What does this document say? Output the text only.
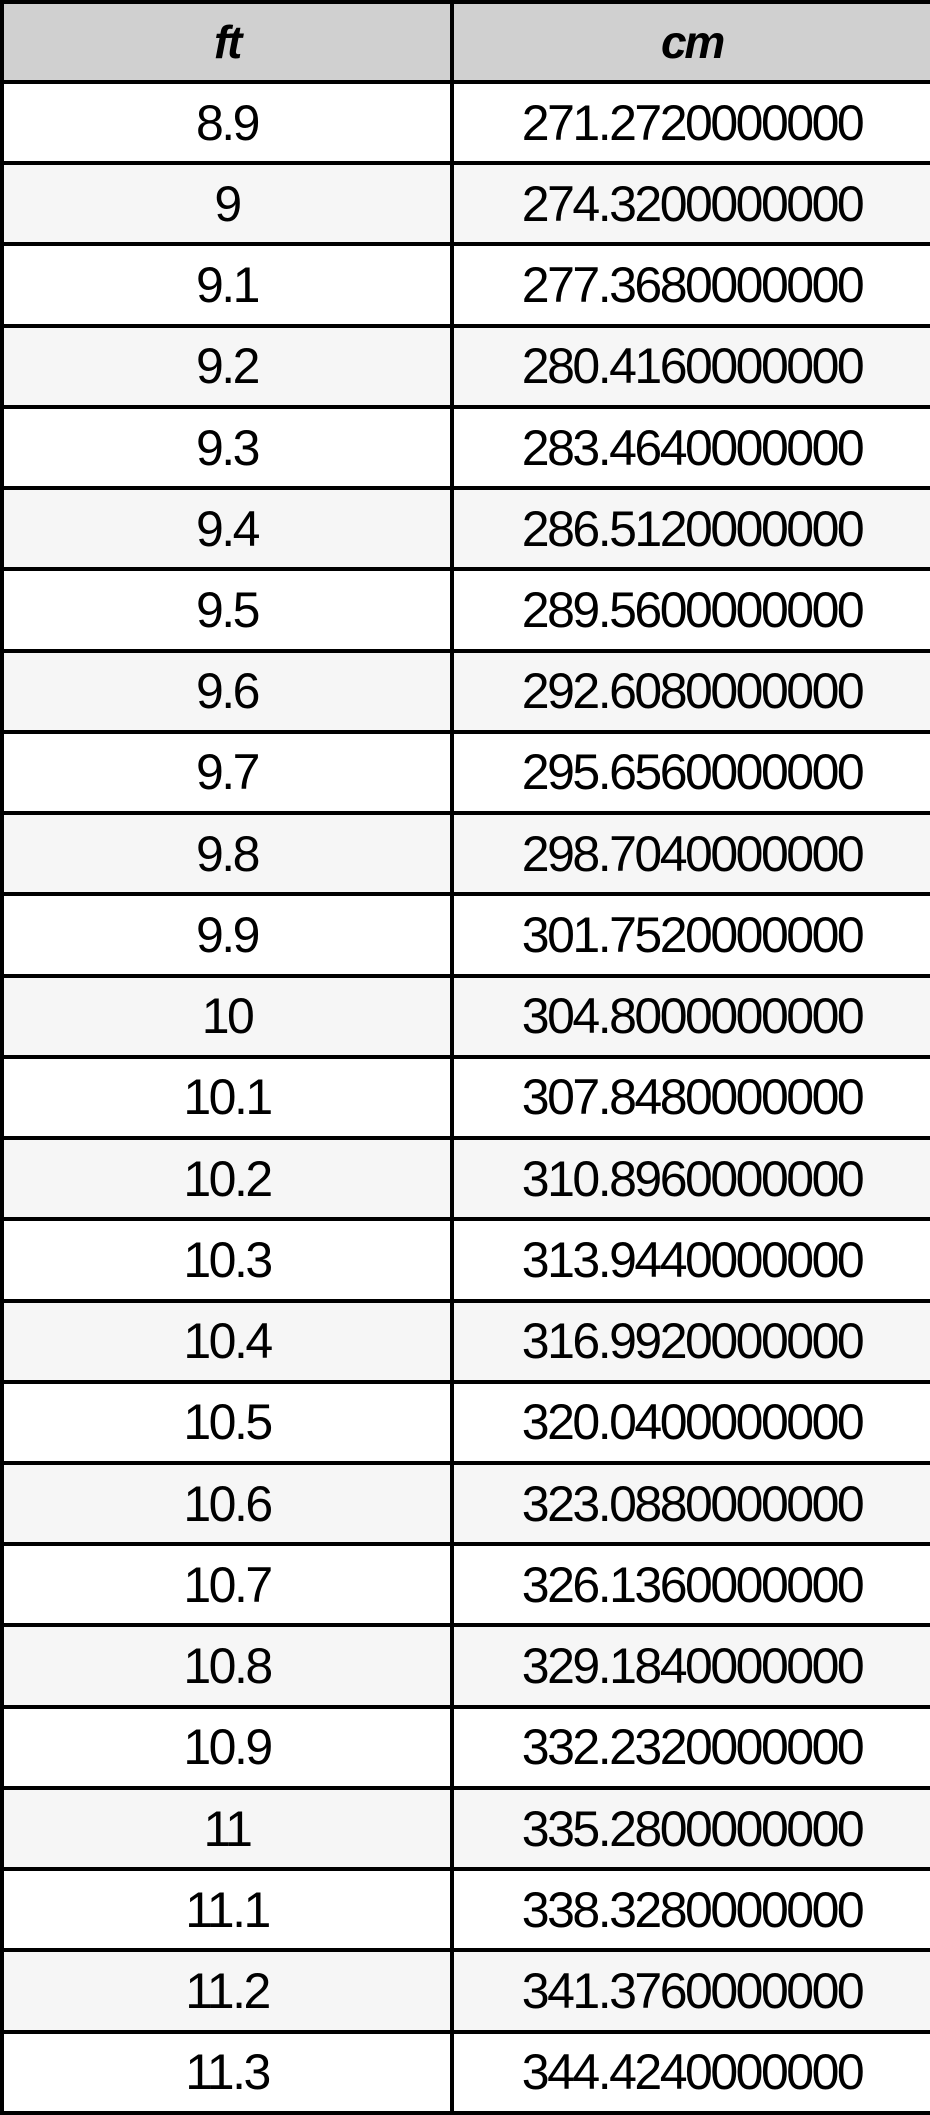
ft	cm
8.9	271.2720000000
9	274.3200000000
9.1	277.3680000000
9.2	280.4160000000
9.3	283.4640000000
9.4	286.5120000000
9.5	289.5600000000
9.6	292.6080000000
9.7	295.6560000000
9.8	298.7040000000
9.9	301.7520000000
10	304.8000000000
10.1	307.8480000000
10.2	310.8960000000
10.3	313.9440000000
10.4	316.9920000000
10.5	320.0400000000
10.6	323.0880000000
10.7	326.1360000000
10.8	329.1840000000
10.9	332.2320000000
11	335.2800000000
11.1	338.3280000000
11.2	341.3760000000
11.3	344.4240000000
